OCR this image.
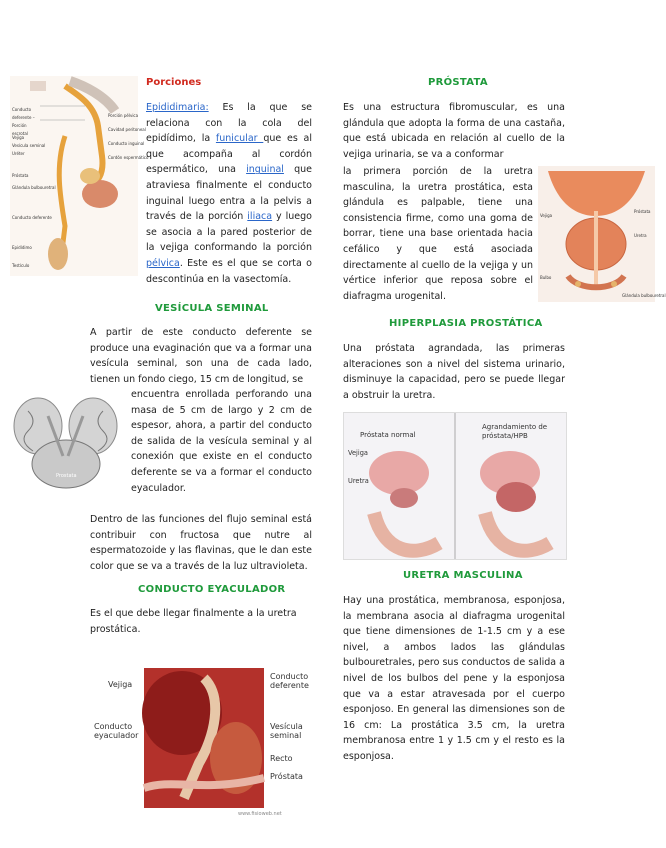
Conducto deferente – Porción escrotal
Vejiga
Vesícula seminal
Uréter
Próstata
Glándula bulbouretral
Conducto deferente
Epidídimo
Testículo
Porción pélvica
Cavidad peritoneal
Conducto inguinal
Cordón espermático
Porciones

Epididimaria: Es la que se relaciona con la cola del epidídimo, la funicular que es al que acompaña al cordón espermático, una inguinal que atraviesa finalmente el conducto inguinal luego entra a la pelvis a través de la porción iliaca y luego se asocia a la pared posterior de la vejiga conformando la porción pélvica. Este es el que se corta o descontinúa en la vasectomía.

VESÍCULA SEMINAL

A partir de este conducto deferente se produce una evaginación que va a formar una vesícula seminal, son una de cada lado, tienen un fondo ciego, 15 cm de longitud, se

Prostata

encuentra enrollada perforando una masa de 5 cm de largo y 2 cm de espesor, ahora, a partir del conducto de salida de la vesícula seminal y al conexión que existe en el conducto deferente se va a formar el conducto eyaculador.

Dentro de las funciones del flujo seminal está contribuir con fructosa que nutre al espermatozoide y las flavinas, que le dan este color que se va a través de la luz ultravioleta.

CONDUCTO EYACULADOR

Es el que debe llegar finalmente a la uretra prostática.

Vejiga
Conducto deferente
Conducto eyaculador
Vesícula seminal
Recto
Próstata
www.fisioweb.net
PRÓSTATA

Es una estructura fibromuscular, es una glándula que adopta la forma de una castaña, que está ubicada en relación al cuello de la vejiga urinaria, se va a conformar

la primera porción de la uretra masculina, la uretra prostática, esta glándula es palpable, tiene una consistencia firme, como una goma de borrar, tiene una base orientada hacia cefálico y que está asociada directamente al cuello de la vejiga y un vértice inferior que reposa sobre el diafragma urogenital.

Vejiga
Próstata
Uretra
Bulbo
Glándula bulbouretral
HIPERPLASIA PROSTÁTICA

Una próstata agrandada, las primeras alteraciones son a nivel del sistema urinario, disminuye la capacidad, pero se puede llegar a obstruir la uretra.

Próstata normal
Agrandamiento de próstata/HPB
Vejiga
Uretra
URETRA MASCULINA

Hay una prostática, membranosa, esponjosa, la membrana asocia al diafragma urogenital que tiene dimensiones de 1-1.5 cm y a ese nivel, a ambos lados las glándulas bulbouretrales, pero sus conductos de salida a nivel de los bulbos del pene y la esponjosa que va a estar atravesada por el cuerpo esponjoso. En general las dimensiones son de 16 cm: La prostática 3.5 cm, la uretra membranosa entre 1 y 1.5 cm y el resto es la esponjosa.
